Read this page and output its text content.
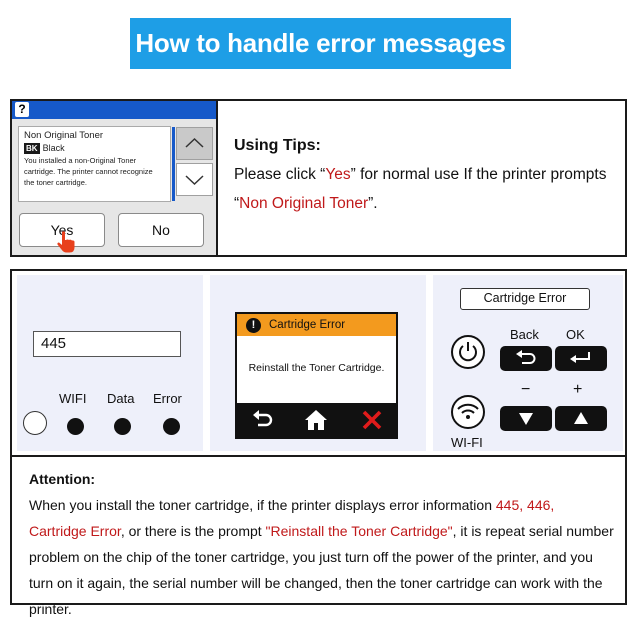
How to handle error messages
?
Non Original Toner
BK Black
You installed a non-Original Toner cartridge. The printer cannot recognize the toner cartridge.
Yes	No
Using Tips:
Please click “Yes” for normal use If the printer prompts “Non Original Toner”.
445
WIFI Data Error
!	Cartridge Error
Reinstall the Toner Cartridge.
Cartridge Error
Back OK
−	+
WI-FI
Attention:
When you install the toner cartridge, if the printer displays error information 445, 446, Cartridge Error, or there is the prompt "Reinstall the Toner Cartridge", it is repeat serial number problem on the chip of the toner cartridge, you just turn off the power of the printer, and you turn on it again, the serial number will be changed, then the toner cartridge can work with the printer.
